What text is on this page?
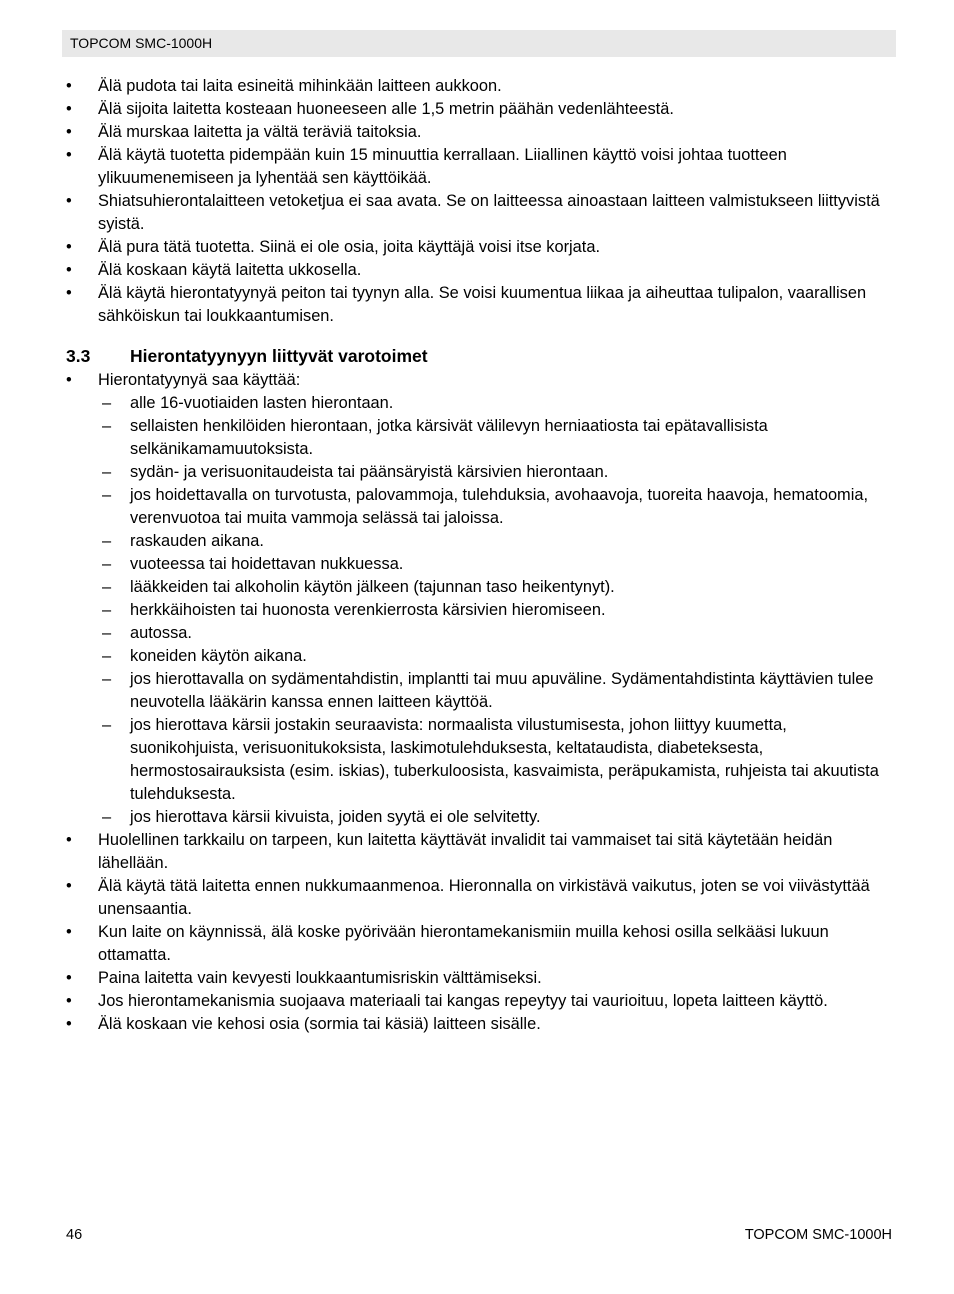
TOPCOM SMC-1000H
• Älä pudota tai laita esineitä mihinkään laitteen aukkoon.
• Älä sijoita laitetta kosteaan huoneeseen alle 1,5 metrin päähän vedenlähteestä.
• Älä murskaa laitetta ja vältä teräviä taitoksia.
• Älä käytä tuotetta pidempään kuin 15 minuuttia kerrallaan. Liiallinen käyttö voisi johtaa tuotteen ylikuumenemiseen ja lyhentää sen käyttöikää.
• Shiatsuhierontalaitteen vetoketjua ei saa avata. Se on laitteessa ainoastaan laitteen valmistukseen liittyvistä syistä.
• Älä pura tätä tuotetta. Siinä ei ole osia, joita käyttäjä voisi itse korjata.
• Älä koskaan käytä laitetta ukkosella.
• Älä käytä hierontatyynyä peiton tai tyynyn alla. Se voisi kuumentua liikaa ja aiheuttaa tulipalon, vaarallisen sähköiskun tai loukkaantumisen.
3.3 Hierontatyynyyn liittyvät varotoimet
• Hierontatyynyä saa käyttää:
– alle 16-vuotiaiden lasten hierontaan.
– sellaisten henkilöiden hierontaan, jotka kärsivät välilevyn herniaatiosta tai epätavallisista selkänikamamuutoksista.
– sydän- ja verisuonitaudeista tai päänsäryistä kärsivien hierontaan.
– jos hoidettavalla on turvotusta, palovammoja, tulehduksia, avohaavoja, tuoreita haavoja, hematoomia, verenvuotoa tai muita vammoja selässä tai jaloissa.
– raskauden aikana.
– vuoteessa tai hoidettavan nukkuessa.
– lääkkeiden tai alkoholin käytön jälkeen (tajunnan taso heikentynyt).
– herkkäihoisten tai huonosta verenkierrosta kärsivien hieromiseen.
– autossa.
– koneiden käytön aikana.
– jos hierottavalla on sydämentahdistin, implantti tai muu apuväline. Sydämentahdistinta käyttävien tulee neuvotella lääkärin kanssa ennen laitteen käyttöä.
– jos hierottava kärsii jostakin seuraavista: normaalista vilustumisesta, johon liittyy kuumetta, suonikohjuista, verisuonitukoksista, laskimotulehduksesta, keltataudista, diabeteksesta, hermostosairauksista (esim. iskias), tuberkuloosista, kasvaimista, peräpukamista, ruhjeista tai akuutista tulehduksesta.
– jos hierottava kärsii kivuista, joiden syytä ei ole selvitetty.
• Huolellinen tarkkailu on tarpeen, kun laitetta käyttävät invalidit tai vammaiset tai sitä käytetään heidän lähellään.
• Älä käytä tätä laitetta ennen nukkumaanmenoa. Hieronnalla on virkistävä vaikutus, joten se voi viivästyttää unensaantia.
• Kun laite on käynnissä, älä koske pyörivään hierontamekanismiin muilla kehosi osilla selkääsi lukuun ottamatta.
• Paina laitetta vain kevyesti loukkaantumisriskin välttämiseksi.
• Jos hierontamekanismia suojaava materiaali tai kangas repeytyy tai vaurioituu, lopeta laitteen käyttö.
• Älä koskaan vie kehosi osia (sormia tai käsiä) laitteen sisälle.
46	TOPCOM SMC-1000H
